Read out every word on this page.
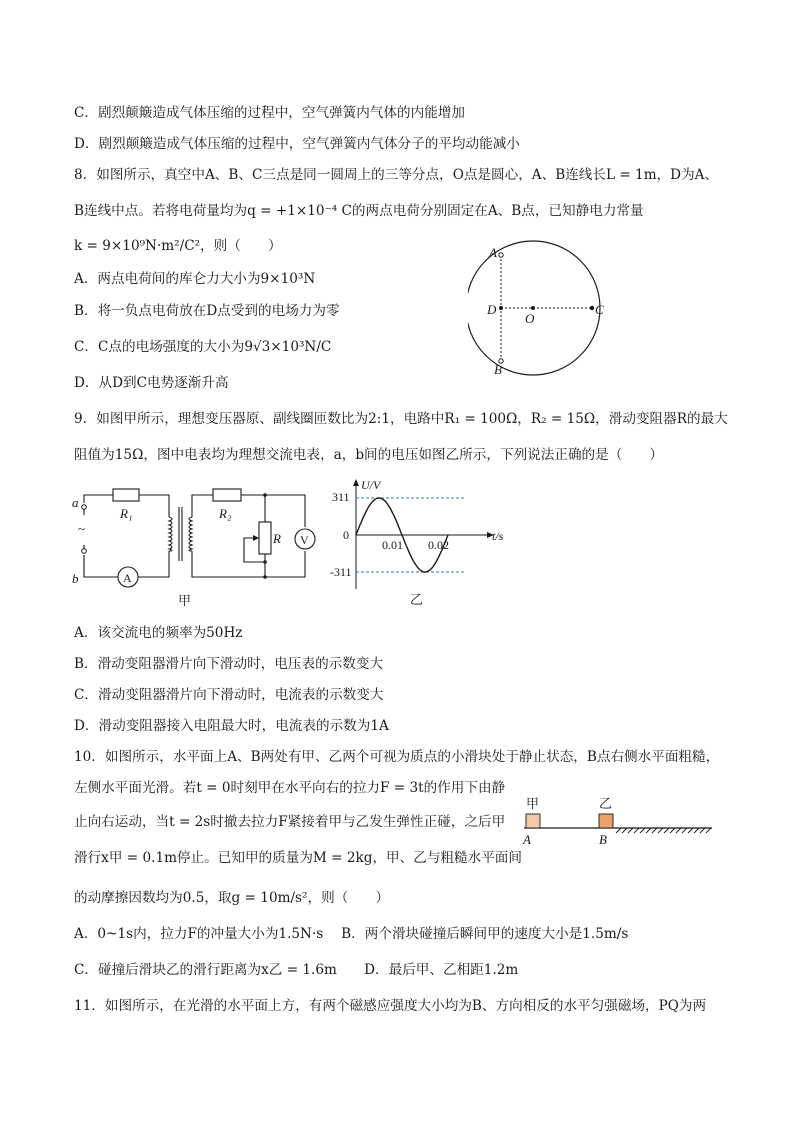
C．剧烈颠簸造成气体压缩的过程中，空气弹簧内气体的内能增加
D．剧烈颠簸造成气体压缩的过程中，空气弹簧内气体分子的平均动能减小
8．如图所示，真空中A、B、C三点是同一圆周上的三等分点，O点是圆心，A、B连线长L = 1m，D为A、
B连线中点。若将电荷量均为q = +1×10⁻⁴ C的两点电荷分别固定在A、B点，已知静电力常量
k = 9×10⁹N·m²/C²，则（　　）
A．两点电荷间的库仑力大小为9×10³N
B．将一负点电荷放在D点受到的电场力为零
C．C点的电场强度的大小为9√3×10³N/C
D．从D到C电势逐渐升高
9．如图甲所示，理想变压器原、副线圈匝数比为2:1，电路中R₁ = 100Ω，R₂ = 15Ω，滑动变阻器R的最大
阻值为15Ω，图中电表均为理想交流电表，a，b间的电压如图乙所示，下列说法正确的是（　　）
A．该交流电的频率为50Hz
B．滑动变阻器滑片向下滑动时，电压表的示数变大
C．滑动变阻器滑片向下滑动时，电流表的示数变大
D．滑动变阻器接入电阻最大时，电流表的示数为1A
10．如图所示，水平面上A、B两处有甲、乙两个可视为质点的小滑块处于静止状态，B点右侧水平面粗糙，
左侧水平面光滑。若t = 0时刻甲在水平向右的拉力F = 3t的作用下由静
止向右运动，当t = 2s时撤去拉力F紧接着甲与乙发生弹性正碰，之后甲
滑行x甲 = 0.1m停止。已知甲的质量为M = 2kg，甲、乙与粗糙水平面间
的动摩擦因数均为0.5，取g = 10m/s²，则（　　）
A．0~1s内，拉力F的冲量大小为1.5N·s　 B．两个滑块碰撞后瞬间甲的速度大小是1.5m/s
C．碰撞后滑块乙的滑行距离为x乙 = 1.6m　　D．最后甲、乙相距1.2m
11．如图所示，在光滑的水平面上方，有两个磁感应强度大小均为B、方向相反的水平匀强磁场，PQ为两
A
B
C
D
O
a
b
~
R₁	R₂
R V
A
甲
U/V
t/s
311
0
-311
0.01 0.02
乙
甲	乙
A	B
